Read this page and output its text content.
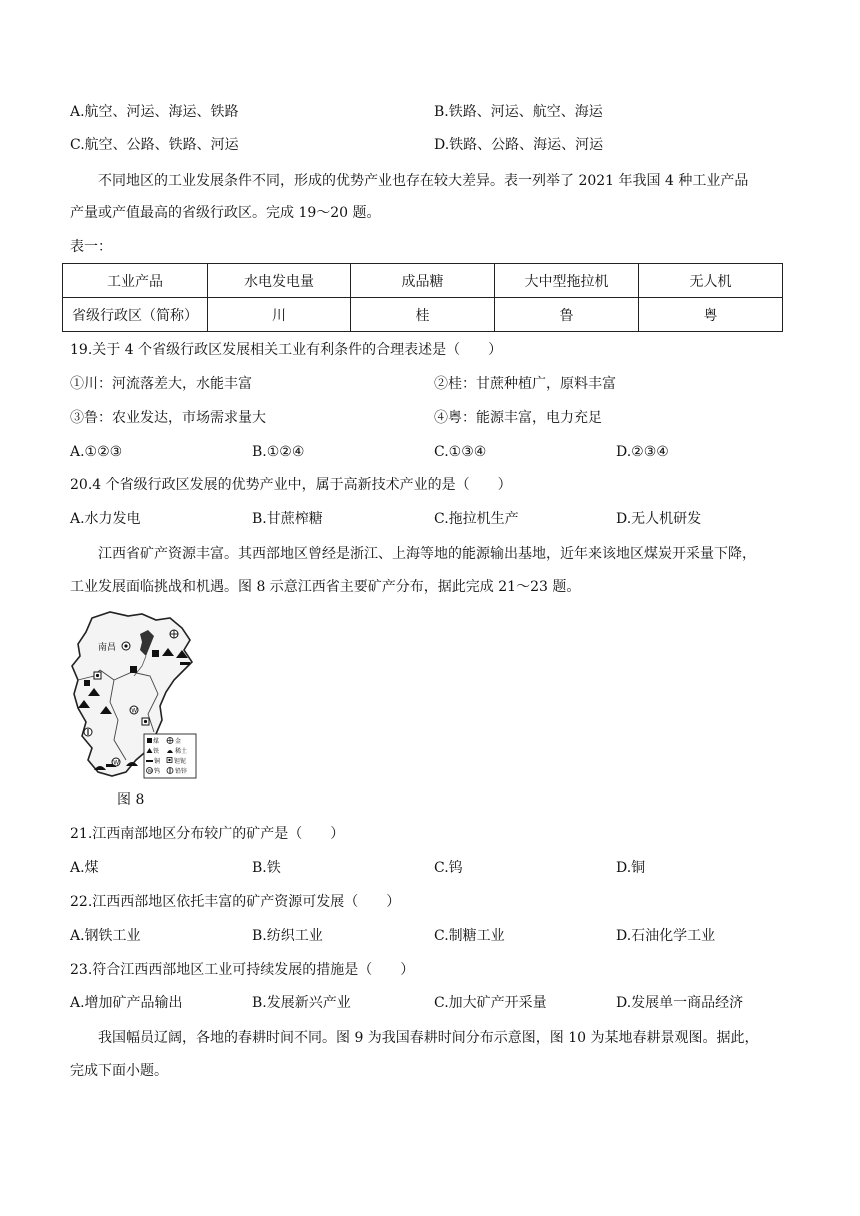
A.航空、河运、海运、铁路	B.铁路、河运、航空、海运
C.航空、公路、铁路、河运	D.铁路、公路、海运、河运
不同地区的工业发展条件不同，形成的优势产业也存在较大差异。表一列举了 2021 年我国 4 种工业产品
产量或产值最高的省级行政区。完成 19～20 题。
表一：
工业产品	水电发电量	成品糖	大中型拖拉机	无人机
省级行政区（简称）	川	桂	鲁	粤
19.关于 4 个省级行政区发展相关工业有利条件的合理表述是（　　）
①川：河流落差大，水能丰富	②桂：甘蔗种植广，原料丰富
③鲁：农业发达，市场需求量大	④粤：能源丰富，电力充足
A.①②③	B.①②④	C.①③④	D.②③④
20.4 个省级行政区发展的优势产业中，属于高新技术产业的是（　　）
A.水力发电	B.甘蔗榨糖	C.拖拉机生产	D.无人机研发
江西省矿产资源丰富。其西部地区曾经是浙江、上海等地的能源输出基地，近年来该地区煤炭开采量下降，
工业发展面临挑战和机遇。图 8 示意江西省主要矿产分布，据此完成 21～23 题。
南昌
W
W
煤	金
铁	稀土
铜 钽铌
W 钨 铅锌
图 8
21.江西南部地区分布较广的矿产是（　　）
A.煤	B.铁	C.钨	D.铜
22.江西西部地区依托丰富的矿产资源可发展（　　）
A.钢铁工业	B.纺织工业	C.制糖工业	D.石油化学工业
23.符合江西西部地区工业可持续发展的措施是（　　）
A.增加矿产品输出	B.发展新兴产业	C.加大矿产开采量	D.发展单一商品经济
我国幅员辽阔，各地的春耕时间不同。图 9 为我国春耕时间分布示意图，图 10 为某地春耕景观图。据此，
完成下面小题。
